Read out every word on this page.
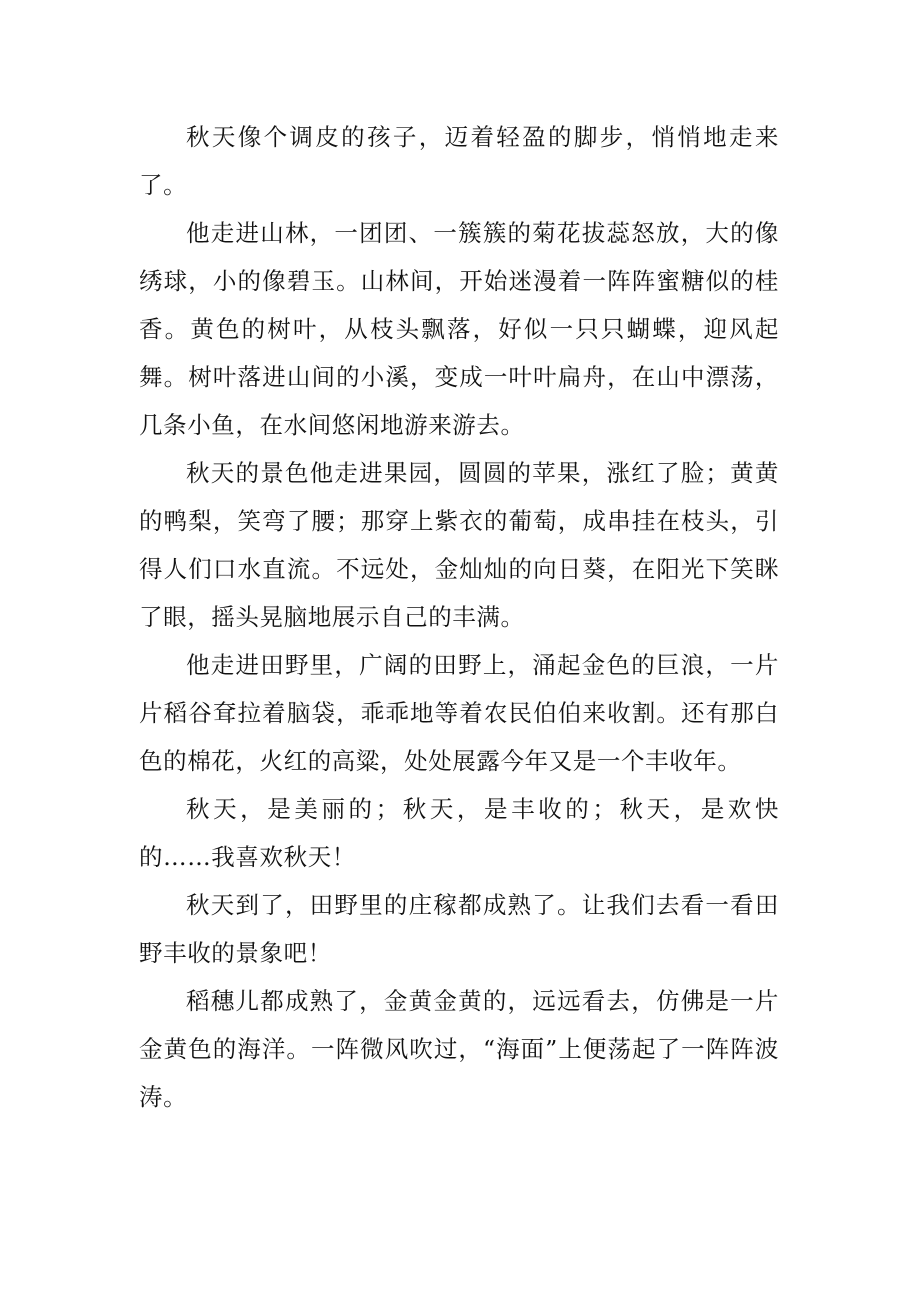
秋天像个调皮的孩子，迈着轻盈的脚步，悄悄地走来了。

他走进山林，一团团、一簇簇的菊花拔蕊怒放，大的像绣球，小的像碧玉。山林间，开始迷漫着一阵阵蜜糖似的桂香。黄色的树叶，从枝头飘落，好似一只只蝴蝶，迎风起舞。树叶落进山间的小溪，变成一叶叶扁舟，在山中漂荡，几条小鱼，在水间悠闲地游来游去。

秋天的景色他走进果园，圆圆的苹果，涨红了脸；黄黄的鸭梨，笑弯了腰；那穿上紫衣的葡萄，成串挂在枝头，引得人们口水直流。不远处，金灿灿的向日葵，在阳光下笑眯了眼，摇头晃脑地展示自己的丰满。

他走进田野里，广阔的田野上，涌起金色的巨浪，一片片稻谷耷拉着脑袋，乖乖地等着农民伯伯来收割。还有那白色的棉花，火红的高粱，处处展露今年又是一个丰收年。

秋天，是美丽的；秋天，是丰收的；秋天，是欢快的……我喜欢秋天！

秋天到了，田野里的庄稼都成熟了。让我们去看一看田野丰收的景象吧！

稻穗儿都成熟了，金黄金黄的，远远看去，仿佛是一片金黄色的海洋。一阵微风吹过，“海面”上便荡起了一阵阵波涛。
